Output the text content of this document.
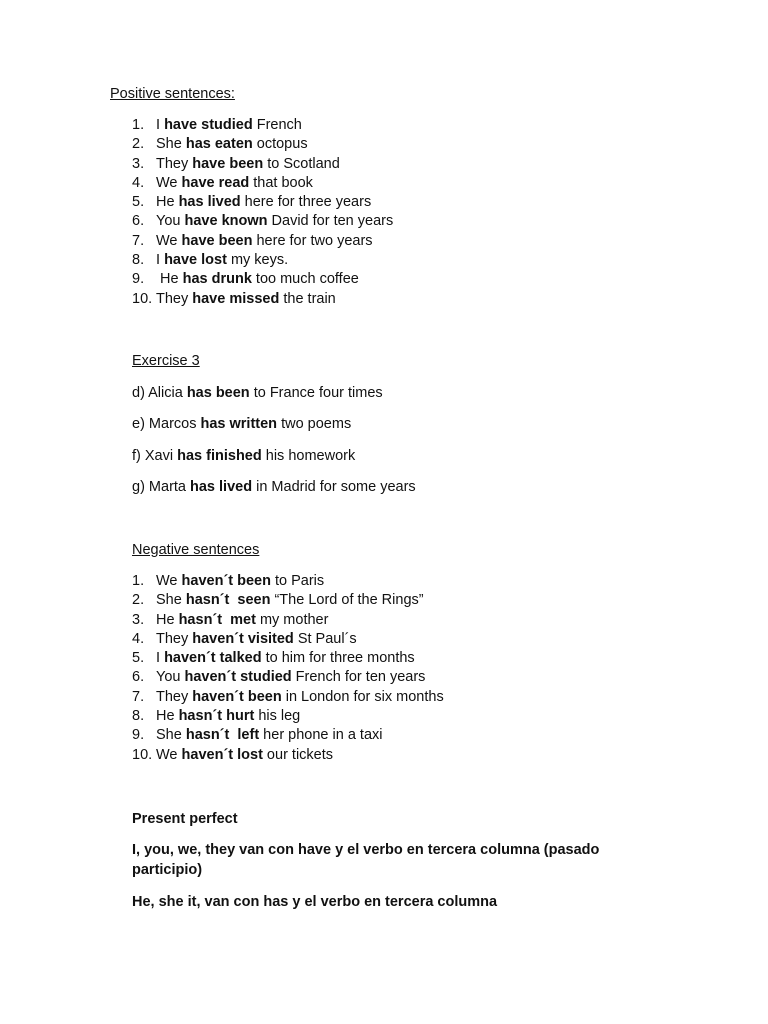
Positive sentences:
1. I have studied French
2. She has eaten octopus
3. They have been to Scotland
4. We have read that book
5. He has lived here for three years
6. You have known David for ten years
7. We have been here for two years
8. I have lost my keys.
9. He has drunk too much coffee
10. They have missed the train
Exercise 3
d) Alicia has been to France four times
e) Marcos has written two poems
f) Xavi has finished his homework
g) Marta has lived in Madrid for some years
Negative sentences
1. We haven´t been to Paris
2. She hasn´t  seen “The Lord of the Rings”
3. He hasn´t  met my mother
4. They haven´t visited St Paul´s
5. I haven´t talked to him for three months
6. You haven´t studied French for ten years
7. They haven´t been in London for six months
8. He hasn´t hurt his leg
9. She hasn´t  left her phone in a taxi
10. We haven´t lost our tickets
Present perfect
I, you, we, they van con have y el verbo en tercera columna (pasado participio)
He, she it, van con has y el verbo en tercera columna
